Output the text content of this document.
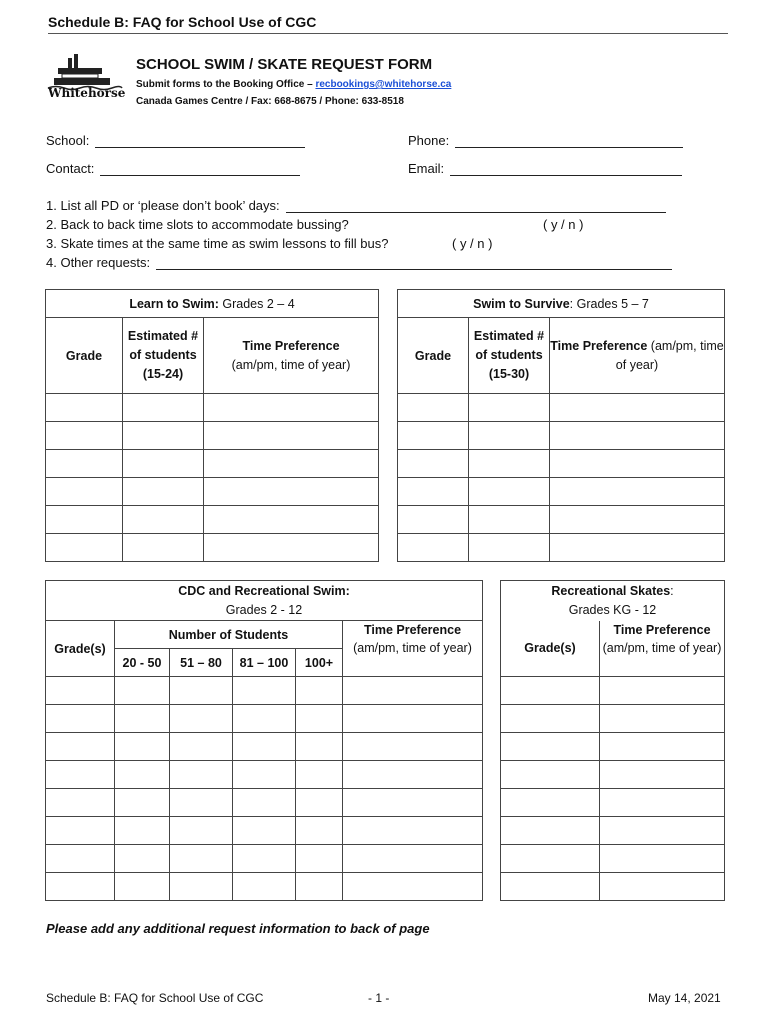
Schedule B: FAQ for School Use of CGC
Whitehorse
SCHOOL SWIM / SKATE REQUEST FORM
Submit forms to the Booking Office – recbookings@whitehorse.ca
Canada Games Centre / Fax: 668-8675 / Phone: 633-8518
School:	Phone:
Contact:	Email:
1. List all PD or ‘please don’t book’ days:
2. Back to back time slots to accommodate bussing?	( y / n )
3. Skate times at the same time as swim lessons to fill bus?	( y / n )
4. Other requests:
Learn to Swim: Grades 2 – 4		
Grade	Estimated # of students (15-24)	Time Preference
(am/pm, time of year)

Swim to Survive: Grades 5 – 7		
Grade	Estimated # of students (15-30)	Time Preference (am/pm, time of year)

CDC and Recreational Swim:
Grades 2 - 12					
Grade(s)	Number of Students				Time Preference
(am/pm, time of year)
	20 - 50	51 – 80	81 – 100	100+	

Recreational Skates:
Grades KG - 12	
Grade(s)	Time Preference
(am/pm, time of year)

Please add any additional request information to back of page
Schedule B: FAQ for School Use of CGC	- 1 -	May 14, 2021
